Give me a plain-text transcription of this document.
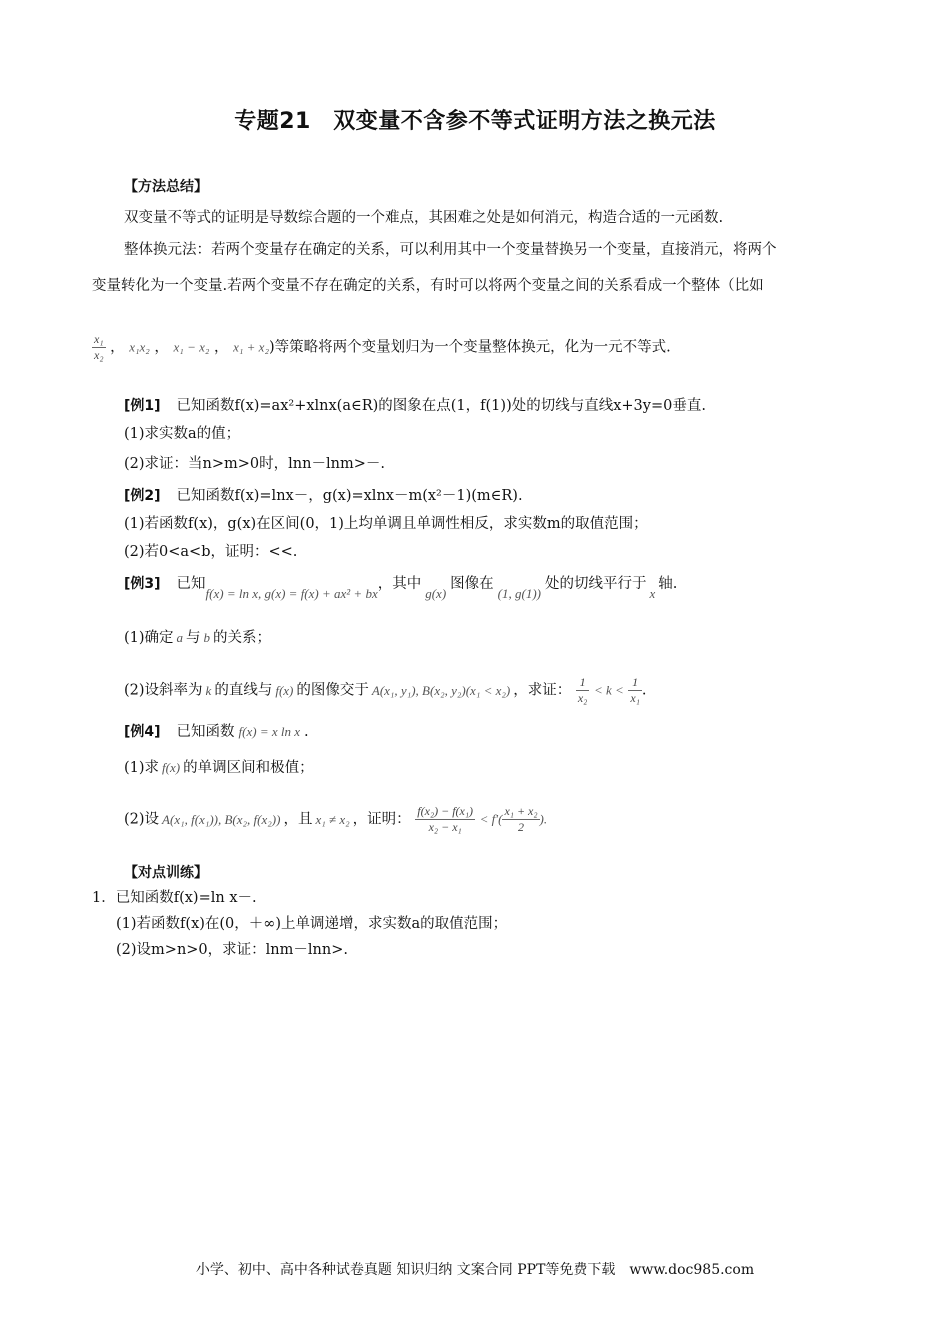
专题21　双变量不含参不等式证明方法之换元法
【方法总结】
双变量不等式的证明是导数综合题的一个难点，其困难之处是如何消元，构造合适的一元函数.
整体换元法：若两个变量存在确定的关系，可以利用其中一个变量替换另一个变量，直接消元，将两个
变量转化为一个变量.若两个变量不存在确定的关系，有时可以将两个变量之间的关系看成一个整体（比如
$\frac{\text{x₁}}{\text{x₂}}$ ， x₁x₂ ， x₁ − x₂ ， x₁ + x₂)等策略将两个变量划归为一个变量整体换元，化为一元不等式.
[例1] 已知函数f(x)=ax²+xlnx(a∈R)的图象在点(1，f(1))处的切线与直线x+3y=0垂直.
(1)求实数a的值；
(2)求证：当n>m>0时，lnn－lnm>－.
[例2] 已知函数f(x)=lnx－，g(x)=xlnx－m(x²－1)(m∈R).
(1)若函数f(x)，g(x)在区间(0，1)上均单调且单调性相反，求实数m的取值范围；
(2)若0<a<b，证明：<<.
[例3] 已知f(x) = ln x, g(x) = f(x) + ax² + bx，其中g(x)图像在(1, g(1))处的切线平行于x轴.
(1)确定 a 与 b 的关系；
(2)设斜率为 k 的直线与 f(x) 的图像交于 A(x₁, y₁), B(x₂, y₂)(x₁ < x₂) ，求证： $\frac{1}{\text{x₂}} < k < \frac{1}{\text{x₁}}$ .
[例4] 已知函数 f(x) = x ln x .
(1)求 f(x) 的单调区间和极值；
(2)设 A(x₁, f(x₁)), B(x₂, f(x₂)) ，且 x₁ ≠ x₂ ，证明： $\frac{\text{f(x₂) − f(x₁)}}{\text{x₂ − x₁}} < f'( \frac{\text{x₁ + x₂}}{2}$ ).
【对点训练】
1．已知函数f(x)=ln x－.
(1)若函数f(x)在(0，＋∞)上单调递增，求实数a的取值范围；
(2)设m>n>0，求证：lnm－lnn>.
小学、初中、高中各种试卷真题 知识归纳 文案合同 PPT等免费下载　www.doc985.com
